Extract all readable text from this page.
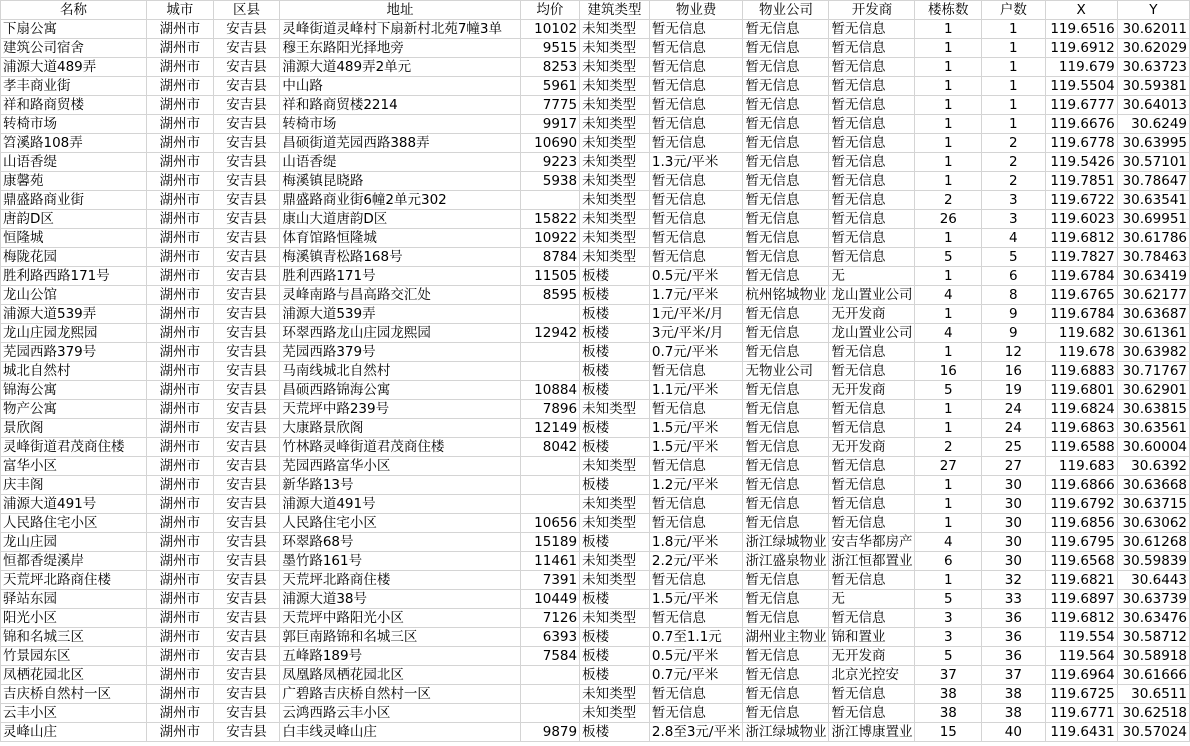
名称	城市	区县	地址	均价	建筑类型	物业费	物业公司	开发商	楼栋数	户数	X	Y
下扇公寓	湖州市	安吉县	灵峰街道灵峰村下扇新村北苑7幢3单	10102	未知类型	暂无信息	暂无信息	暂无信息	1	1	119.6516	30.62011
建筑公司宿舍	湖州市	安吉县	穆王东路阳光择地旁	9515	未知类型	暂无信息	暂无信息	暂无信息	1	1	119.6912	30.62029
浦源大道489弄	湖州市	安吉县	浦源大道489弄2单元	8253	未知类型	暂无信息	暂无信息	暂无信息	1	1	119.679	30.63723
孝丰商业街	湖州市	安吉县	中山路	5961	未知类型	暂无信息	暂无信息	暂无信息	1	1	119.5504	30.59381
祥和路商贸楼	湖州市	安吉县	祥和路商贸楼2214	7775	未知类型	暂无信息	暂无信息	暂无信息	1	1	119.6777	30.64013
转椅市场	湖州市	安吉县	转椅市场	9917	未知类型	暂无信息	暂无信息	暂无信息	1	1	119.6676	30.6249
笤溪路108弄	湖州市	安吉县	昌硕街道芜园西路388弄	10690	未知类型	暂无信息	暂无信息	暂无信息	1	2	119.6778	30.63995
山语香缇	湖州市	安吉县	山语香缇	9223	未知类型	1.3元/平米	暂无信息	暂无信息	1	2	119.5426	30.57101
康馨苑	湖州市	安吉县	梅溪镇昆晓路	5938	未知类型	暂无信息	暂无信息	暂无信息	1	2	119.7851	30.78647
鼎盛路商业街	湖州市	安吉县	鼎盛路商业街6幢2单元302		未知类型	暂无信息	暂无信息	暂无信息	2	3	119.6722	30.63541
唐韵D区	湖州市	安吉县	康山大道唐韵D区	15822	未知类型	暂无信息	暂无信息	暂无信息	26	3	119.6023	30.69951
恒隆城	湖州市	安吉县	体育馆路恒隆城	10922	未知类型	暂无信息	暂无信息	暂无信息	1	4	119.6812	30.61786
梅陇花园	湖州市	安吉县	梅溪镇青松路168号	8784	未知类型	暂无信息	暂无信息	暂无信息	5	5	119.7827	30.78463
胜利路西路171号	湖州市	安吉县	胜利西路171号	11505	板楼	0.5元/平米	暂无信息	无	1	6	119.6784	30.63419
龙山公馆	湖州市	安吉县	灵峰南路与昌高路交汇处	8595	板楼	1.7元/平米	杭州铭城物业	龙山置业公司	4	8	119.6765	30.62177
浦源大道539弄	湖州市	安吉县	浦源大道539弄		板楼	1元/平米/月	暂无信息	无开发商	1	9	119.6784	30.63687
龙山庄园龙熙园	湖州市	安吉县	环翠西路龙山庄园龙熙园	12942	板楼	3元/平米/月	暂无信息	龙山置业公司	4	9	119.682	30.61361
芜园西路379号	湖州市	安吉县	芜园西路379号		板楼	0.7元/平米	暂无信息	暂无信息	1	12	119.678	30.63982
城北自然村	湖州市	安吉县	马南线城北自然村		板楼	暂无信息	无物业公司	暂无信息	16	16	119.6883	30.71767
锦海公寓	湖州市	安吉县	昌硕西路锦海公寓	10884	板楼	1.1元/平米	暂无信息	无开发商	5	19	119.6801	30.62901
物产公寓	湖州市	安吉县	天荒坪中路239号	7896	未知类型	暂无信息	暂无信息	暂无信息	1	24	119.6824	30.63815
景欣阁	湖州市	安吉县	大康路景欣阁	12149	板楼	1.5元/平米	暂无信息	暂无信息	1	24	119.6863	30.63561
灵峰街道君茂商住楼	湖州市	安吉县	竹林路灵峰街道君茂商住楼	8042	板楼	1.5元/平米	暂无信息	无开发商	2	25	119.6588	30.60004
富华小区	湖州市	安吉县	芜园西路富华小区		未知类型	暂无信息	暂无信息	暂无信息	27	27	119.683	30.6392
庆丰阁	湖州市	安吉县	新华路13号		板楼	1.2元/平米	暂无信息	暂无信息	1	30	119.6866	30.63668
浦源大道491号	湖州市	安吉县	浦源大道491号		未知类型	暂无信息	暂无信息	暂无信息	1	30	119.6792	30.63715
人民路住宅小区	湖州市	安吉县	人民路住宅小区	10656	未知类型	暂无信息	暂无信息	暂无信息	1	30	119.6856	30.63062
龙山庄园	湖州市	安吉县	环翠路68号	15189	板楼	1.8元/平米	浙江绿城物业	安吉华都房产	4	30	119.6795	30.61268
恒都香缇溪岸	湖州市	安吉县	墨竹路161号	11461	未知类型	2.2元/平米	浙江盛泉物业	浙江恒都置业	6	30	119.6568	30.59839
天荒坪北路商住楼	湖州市	安吉县	天荒坪北路商住楼	7391	未知类型	暂无信息	暂无信息	暂无信息	1	32	119.6821	30.6443
驿站东园	湖州市	安吉县	浦源大道38号	10449	板楼	1.5元/平米	暂无信息	无	5	33	119.6897	30.63739
阳光小区	湖州市	安吉县	天荒坪中路阳光小区	7126	未知类型	暂无信息	暂无信息	暂无信息	3	36	119.6812	30.63476
锦和名城三区	湖州市	安吉县	郭巨南路锦和名城三区	6393	板楼	0.7至1.1元	湖州业主物业	锦和置业	3	36	119.554	30.58712
竹景园东区	湖州市	安吉县	五峰路189号	7584	板楼	0.5元/平米	暂无信息	无开发商	5	36	119.564	30.58918
凤栖花园北区	湖州市	安吉县	凤凰路凤栖花园北区		板楼	0.7元/平米	暂无信息	北京光控安	37	37	119.6964	30.61666
吉庆桥自然村一区	湖州市	安吉县	广碧路吉庆桥自然村一区		未知类型	暂无信息	暂无信息	暂无信息	38	38	119.6725	30.6511
云丰小区	湖州市	安吉县	云鸿西路云丰小区		未知类型	暂无信息	暂无信息	暂无信息	38	38	119.6771	30.62518
灵峰山庄	湖州市	安吉县	白丰线灵峰山庄	9879	板楼	2.8至3元/平米	浙江绿城物业	浙江博康置业	15	40	119.6431	30.57024
